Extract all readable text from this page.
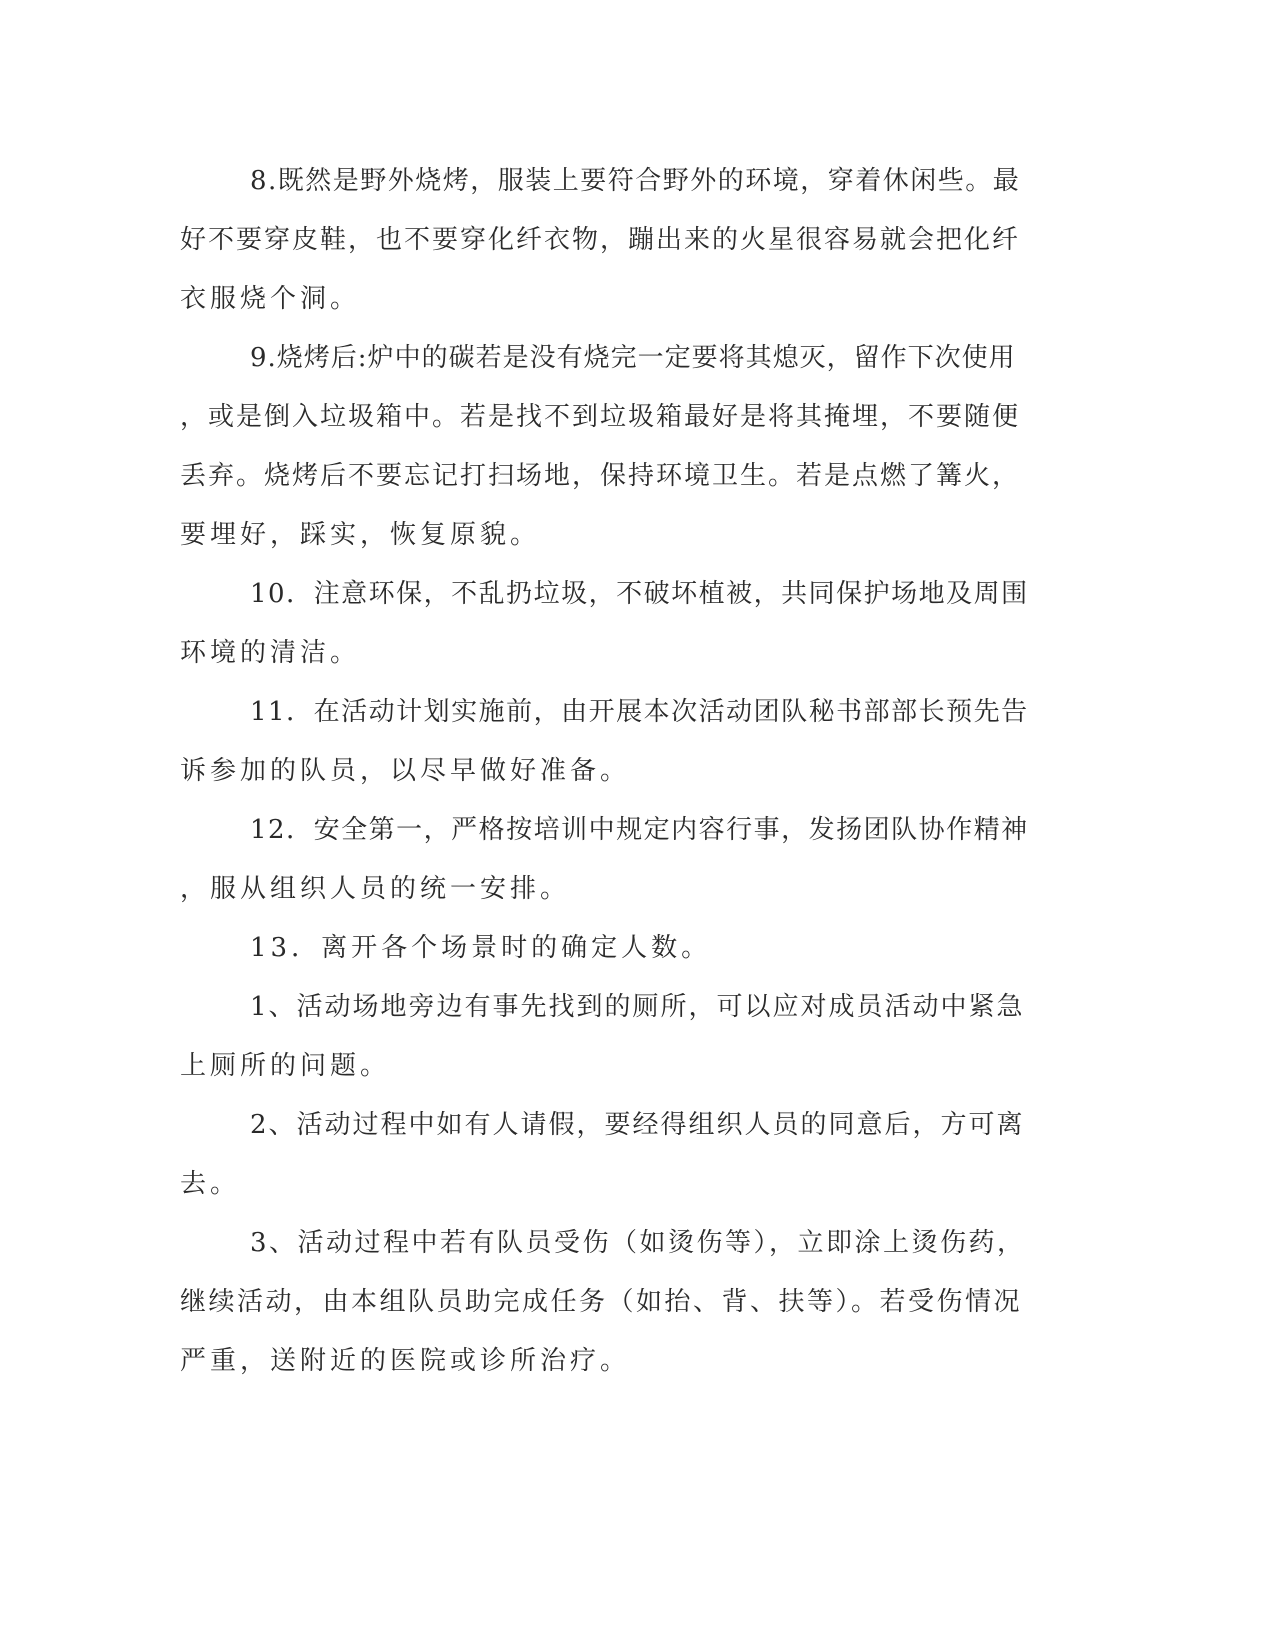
8.既然是野外烧烤，服装上要符合野外的环境，穿着休闲些。最

好不要穿皮鞋，也不要穿化纤衣物，蹦出来的火星很容易就会把化纤

衣服烧个洞。

9.烧烤后:炉中的碳若是没有烧完一定要将其熄灭，留作下次使用

，或是倒入垃圾箱中。若是找不到垃圾箱最好是将其掩埋，不要随便

丢弃。烧烤后不要忘记打扫场地，保持环境卫生。若是点燃了篝火，

要埋好，踩实，恢复原貌。

10．注意环保，不乱扔垃圾，不破坏植被，共同保护场地及周围

环境的清洁。

11．在活动计划实施前，由开展本次活动团队秘书部部长预先告

诉参加的队员，以尽早做好准备。

12．安全第一，严格按培训中规定内容行事，发扬团队协作精神

，服从组织人员的统一安排。

13．离开各个场景时的确定人数。

1、活动场地旁边有事先找到的厕所，可以应对成员活动中紧急

上厕所的问题。

2、活动过程中如有人请假，要经得组织人员的同意后，方可离

去。

3、活动过程中若有队员受伤（如烫伤等），立即涂上烫伤药，

继续活动，由本组队员助完成任务（如抬、背、扶等）。若受伤情况

严重，送附近的医院或诊所治疗。
